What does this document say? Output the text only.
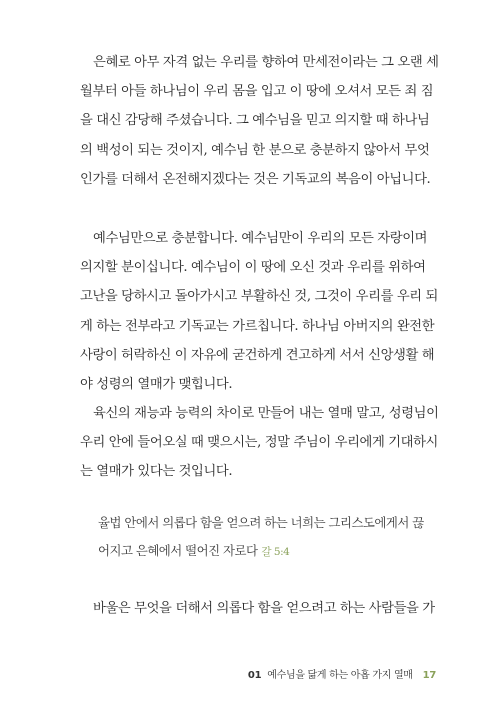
은혜로 아무 자격 없는 우리를 향하여 만세전이라는 그 오랜 세
월부터 아들 하나님이 우리 몸을 입고 이 땅에 오셔서 모든 죄 짐
을 대신 감당해 주셨습니다. 그 예수님을 믿고 의지할 때 하나님
의 백성이 되는 것이지, 예수님 한 분으로 충분하지 않아서 무엇
인가를 더해서 온전해지겠다는 것은 기독교의 복음이 아닙니다.
예수님만으로 충분합니다. 예수님만이 우리의 모든 자랑이며
의지할 분이십니다. 예수님이 이 땅에 오신 것과 우리를 위하여
고난을 당하시고 돌아가시고 부활하신 것, 그것이 우리를 우리 되
게 하는 전부라고 기독교는 가르칩니다. 하나님 아버지의 완전한
사랑이 허락하신 이 자유에 굳건하게 견고하게 서서 신앙생활 해
야 성령의 열매가 맺힙니다.
육신의 재능과 능력의 차이로 만들어 내는 열매 말고, 성령님이
우리 안에 들어오실 때 맺으시는, 정말 주님이 우리에게 기대하시
는 열매가 있다는 것입니다.
율법 안에서 의롭다 함을 얻으려 하는 너희는 그리스도에게서 끊
어지고 은혜에서 떨어진 자로다 갈 5:4
바울은 무엇을 더해서 의롭다 함을 얻으려고 하는 사람들을 가
01 예수님을 닮게 하는 아홉 가지 열매 17
